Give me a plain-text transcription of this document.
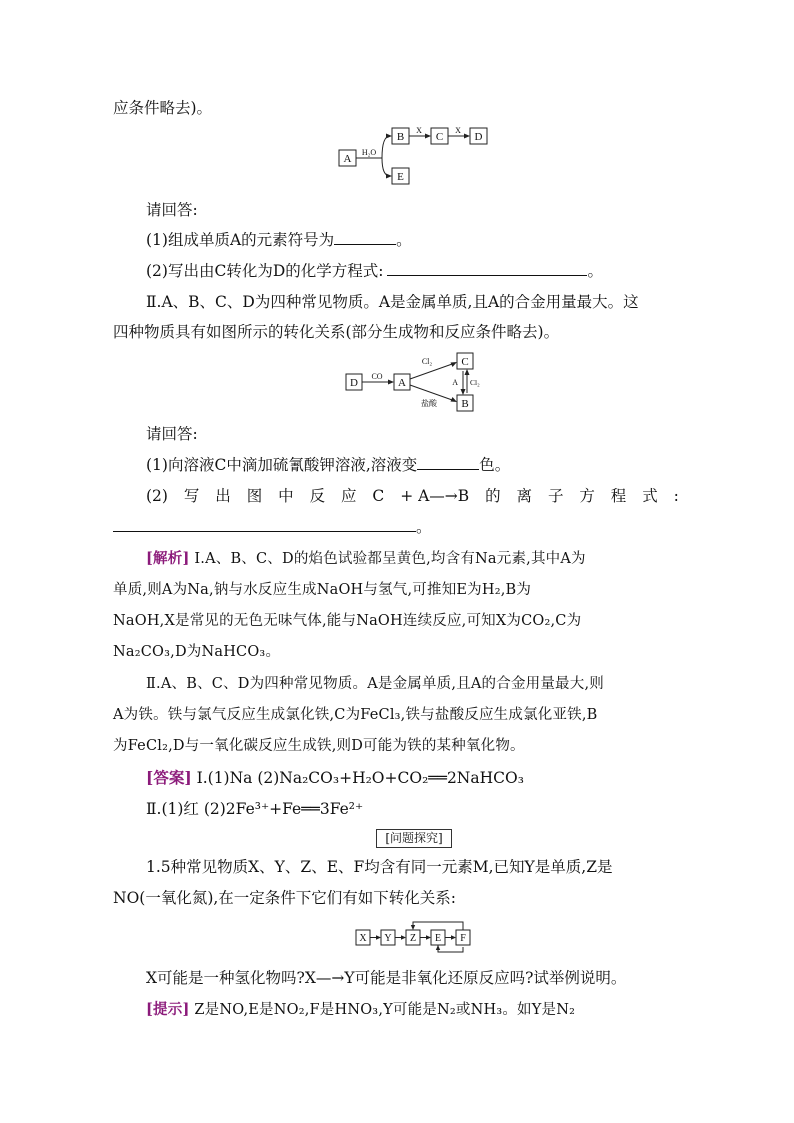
应条件略去)。
A
B	C	D
E
H₂O
X	X
请回答:
(1)组成单质A的元素符号为	。
(2)写出由C转化为D的化学方程式:	。
Ⅱ.A、B、C、D为四种常见物质。A是金属单质,且A的合金用量最大。这
四种物质具有如图所示的转化关系(部分生成物和反应条件略去)。
D	A
C
B
CO
Cl₂
盐酸
A Cl₂
请回答:
(1)向溶液C中滴加硫氰酸钾溶液,溶液变	色。
(2) 写 出 图 中 反 应 C + A—→B 的 离 子 方 程 式 :
。
[解析] Ⅰ.A、B、C、D的焰色试验都呈黄色,均含有Na元素,其中A为
单质,则A为Na,钠与水反应生成NaOH与氢气,可推知E为H₂,B为
NaOH,X是常见的无色无味气体,能与NaOH连续反应,可知X为CO₂,C为
Na₂CO₃,D为NaHCO₃。
Ⅱ.A、B、C、D为四种常见物质。A是金属单质,且A的合金用量最大,则
A为铁。铁与氯气反应生成氯化铁,C为FeCl₃,铁与盐酸反应生成氯化亚铁,B
为FeCl₂,D与一氧化碳反应生成铁,则D可能为铁的某种氧化物。
[答案] Ⅰ.(1)Na (2)Na₂CO₃+H₂O+CO₂══2NaHCO₃
Ⅱ.(1)红 (2)2Fe³⁺+Fe══3Fe²⁺
[问题探究]
1.5种常见物质X、Y、Z、E、F均含有同一元素M,已知Y是单质,Z是
NO(一氧化氮),在一定条件下它们有如下转化关系:
X Y Z E F
X可能是一种氢化物吗?X—→Y可能是非氧化还原反应吗?试举例说明。
[提示] Z是NO,E是NO₂,F是HNO₃,Y可能是N₂或NH₃。如Y是N₂
